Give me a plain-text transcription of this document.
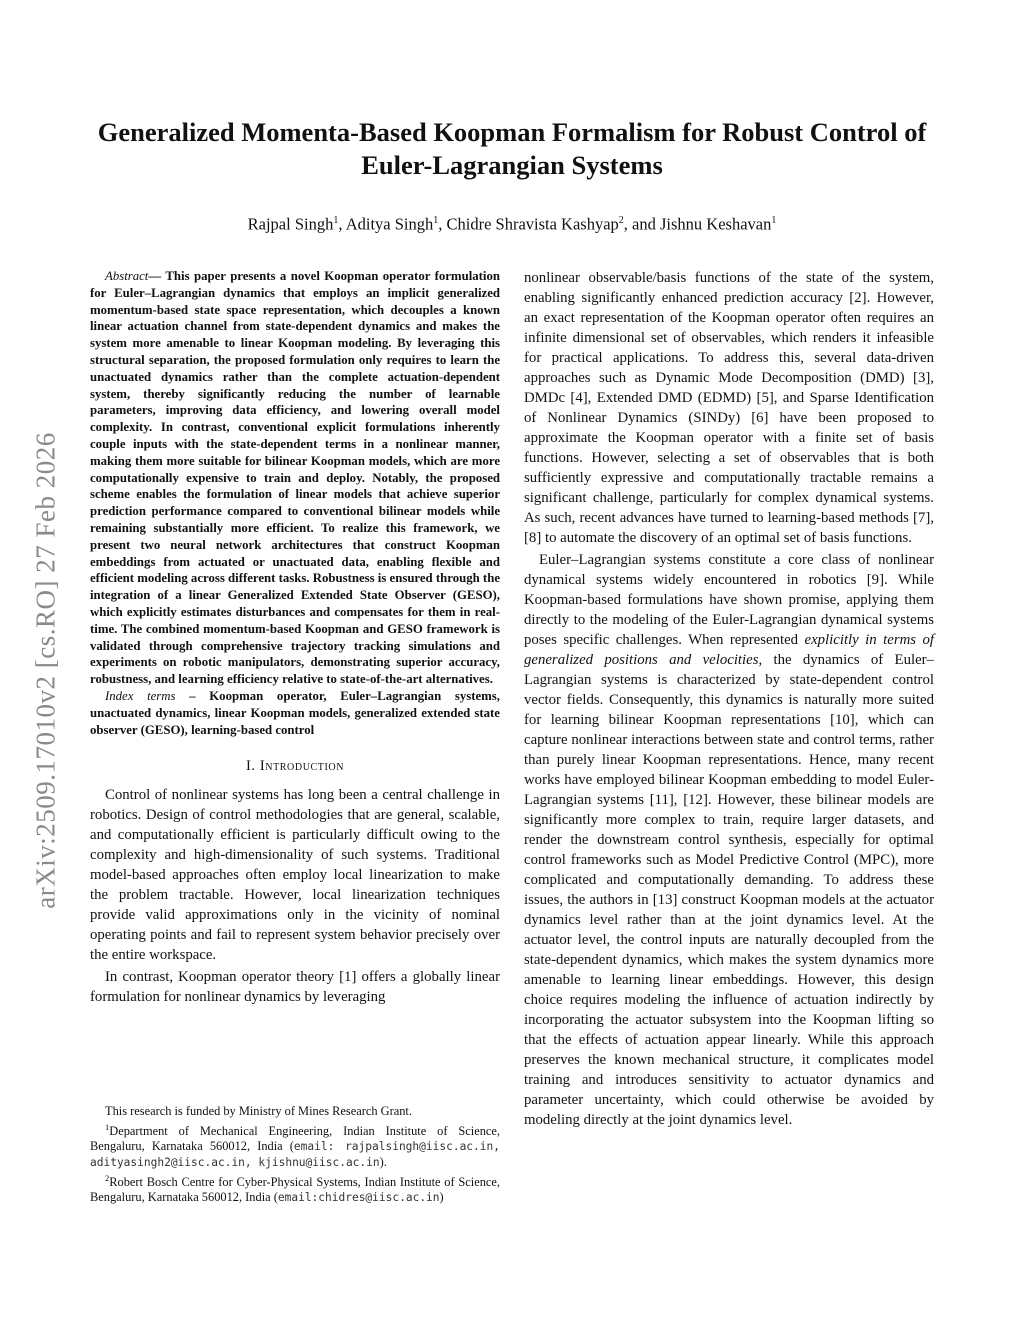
arXiv:2509.17010v2 [cs.RO] 27 Feb 2026
Generalized Momenta-Based Koopman Formalism for Robust Control of Euler-Lagrangian Systems
Rajpal Singh$^1$, Aditya Singh$^1$, Chidre Shravista Kashyap$^2$, and Jishnu Keshavan$^1$

Abstract— This paper presents a novel Koopman operator formulation for Euler–Lagrangian dynamics that employs an implicit generalized momentum-based state space representation, which decouples a known linear actuation channel from state-dependent dynamics and makes the system more amenable to linear Koopman modeling. By leveraging this structural separation, the proposed formulation only requires to learn the unactuated dynamics rather than the complete actuation-dependent system, thereby significantly reducing the number of learnable parameters, improving data efficiency, and lowering overall model complexity. In contrast, conventional explicit formulations inherently couple inputs with the state-dependent terms in a nonlinear manner, making them more suitable for bilinear Koopman models, which are more computationally expensive to train and deploy. Notably, the proposed scheme enables the formulation of linear models that achieve superior prediction performance compared to conventional bilinear models while remaining substantially more efficient. To realize this framework, we present two neural network architectures that construct Koopman embeddings from actuated or unactuated data, enabling flexible and efficient modeling across different tasks. Robustness is ensured through the integration of a linear Generalized Extended State Observer (GESO), which explicitly estimates disturbances and compensates for them in real-time. The combined momentum-based Koopman and GESO framework is validated through comprehensive trajectory tracking simulations and experiments on robotic manipulators, demonstrating superior accuracy, robustness, and learning efficiency relative to state-of-the-art alternatives.

Index terms – Koopman operator, Euler–Lagrangian systems, unactuated dynamics, linear Koopman models, generalized extended state observer (GESO), learning-based control

I. Introduction

Control of nonlinear systems has long been a central challenge in robotics. Design of control methodologies that are general, scalable, and computationally efficient is particularly difficult owing to the complexity and high-dimensionality of such systems. Traditional model-based approaches often employ local linearization to make the problem tractable. However, local linearization techniques provide valid approximations only in the vicinity of nominal operating points and fail to represent system behavior precisely over the entire workspace.

In contrast, Koopman operator theory [1] offers a globally linear formulation for nonlinear dynamics by leveraging

This research is funded by Ministry of Mines Research Grant.

$^1$Department of Mechanical Engineering, Indian Institute of Science, Bengaluru, Karnataka 560012, India (email: rajpalsingh@iisc.ac.in, adityasingh2@iisc.ac.in, kjishnu@iisc.ac.in).

$^2$Robert Bosch Centre for Cyber-Physical Systems, Indian Institute of Science, Bengaluru, Karnataka 560012, India (email:chidres@iisc.ac.in)

nonlinear observable/basis functions of the state of the system, enabling significantly enhanced prediction accuracy [2]. However, an exact representation of the Koopman operator often requires an infinite dimensional set of observables, which renders it infeasible for practical applications. To address this, several data-driven approaches such as Dynamic Mode Decomposition (DMD) [3], DMDc [4], Extended DMD (EDMD) [5], and Sparse Identification of Nonlinear Dynamics (SINDy) [6] have been proposed to approximate the Koopman operator with a finite set of basis functions. However, selecting a set of observables that is both sufficiently expressive and computationally tractable remains a significant challenge, particularly for complex dynamical systems. As such, recent advances have turned to learning-based methods [7], [8] to automate the discovery of an optimal set of basis functions.

Euler–Lagrangian systems constitute a core class of nonlinear dynamical systems widely encountered in robotics [9]. While Koopman-based formulations have shown promise, applying them directly to the modeling of the Euler-Lagrangian dynamical systems poses specific challenges. When represented explicitly in terms of generalized positions and velocities, the dynamics of Euler–Lagrangian systems is characterized by state-dependent control vector fields. Consequently, this dynamics is naturally more suited for learning bilinear Koopman representations [10], which can capture nonlinear interactions between state and control terms, rather than purely linear Koopman representations. Hence, many recent works have employed bilinear Koopman embedding to model Euler-Lagrangian systems [11], [12]. However, these bilinear models are significantly more complex to train, require larger datasets, and render the downstream control synthesis, especially for optimal control frameworks such as Model Predictive Control (MPC), more complicated and computationally demanding. To address these issues, the authors in [13] construct Koopman models at the actuator dynamics level rather than at the joint dynamics level. At the actuator level, the control inputs are naturally decoupled from the state-dependent dynamics, which makes the system dynamics more amenable to learning linear embeddings. However, this design choice requires modeling the influence of actuation indirectly by incorporating the actuator subsystem into the Koopman lifting so that the effects of actuation appear linearly. While this approach preserves the known mechanical structure, it complicates model training and introduces sensitivity to actuator dynamics and parameter uncertainty, which could otherwise be avoided by modeling directly at the joint dynamics level.
